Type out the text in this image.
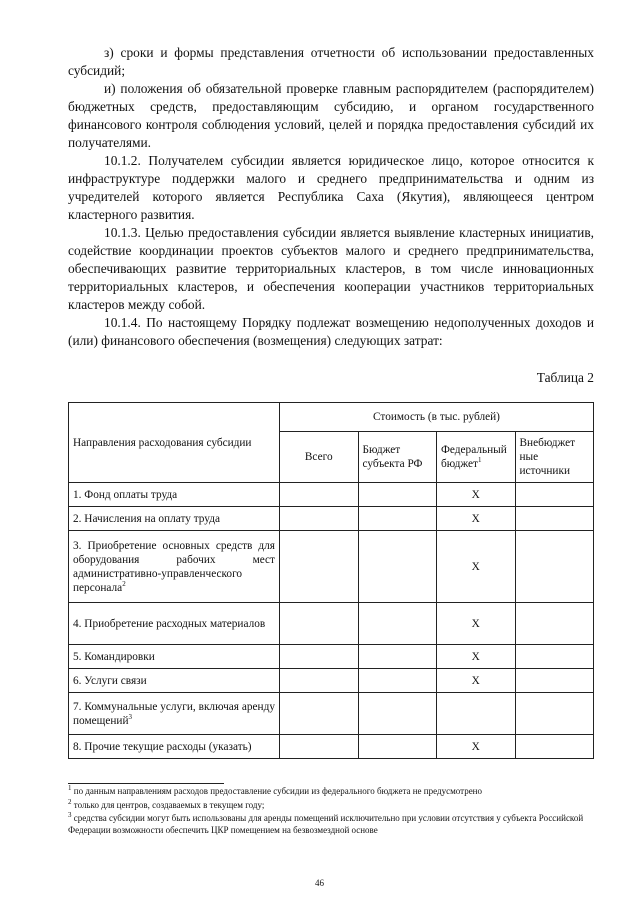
з) сроки и формы представления отчетности об использовании предоставленных субсидий;

и) положения об обязательной проверке главным распорядителем (распорядителем) бюджетных средств, предоставляющим субсидию, и органом государственного финансового контроля соблюдения условий, целей и порядка предоставления субсидий их получателями.

10.1.2. Получателем субсидии является юридическое лицо, которое относится к инфраструктуре поддержки малого и среднего предпринимательства и одним из учредителей которого является Республика Саха (Якутия), являющееся центром кластерного развития.

10.1.3. Целью предоставления субсидии является выявление кластерных инициатив, содействие координации проектов субъектов малого и среднего предпринимательства, обеспечивающих развитие территориальных кластеров, в том числе инновационных территориальных кластеров, и обеспечения кооперации участников территориальных кластеров между собой.

10.1.4. По настоящему Порядку подлежат возмещению недополученных доходов и (или) финансового обеспечения (возмещения) следующих затрат:

Таблица 2
Направления расходования субсидии	Стоимость (в тыс. рублей)			
	Всего	Бюджет субъекта РФ	Федеральный бюджет$^1$	Внебюджет ные источники
1. Фонд оплаты труда			Х	
2. Начисления на оплату труда			Х	
3. Приобретение основных средств для оборудования рабочих мест административно-управленческого персонала$^2$			Х	
4. Приобретение расходных материалов			Х	
5. Командировки			Х	
6. Услуги связи			Х	
7. Коммунальные услуги, включая аренду помещений$^3$				
8. Прочие текущие расходы (указать)			Х	
$^1$ по данным направлениям расходов предоставление субсидии из федерального бюджета не предусмотрено
$^2$ только для центров, создаваемых в текущем году;
$^3$ средства субсидии могут быть использованы для аренды помещений исключительно при условии отсутствия у субъекта Российской Федерации возможности обеспечить ЦКР помещением на безвозмездной основе
46
